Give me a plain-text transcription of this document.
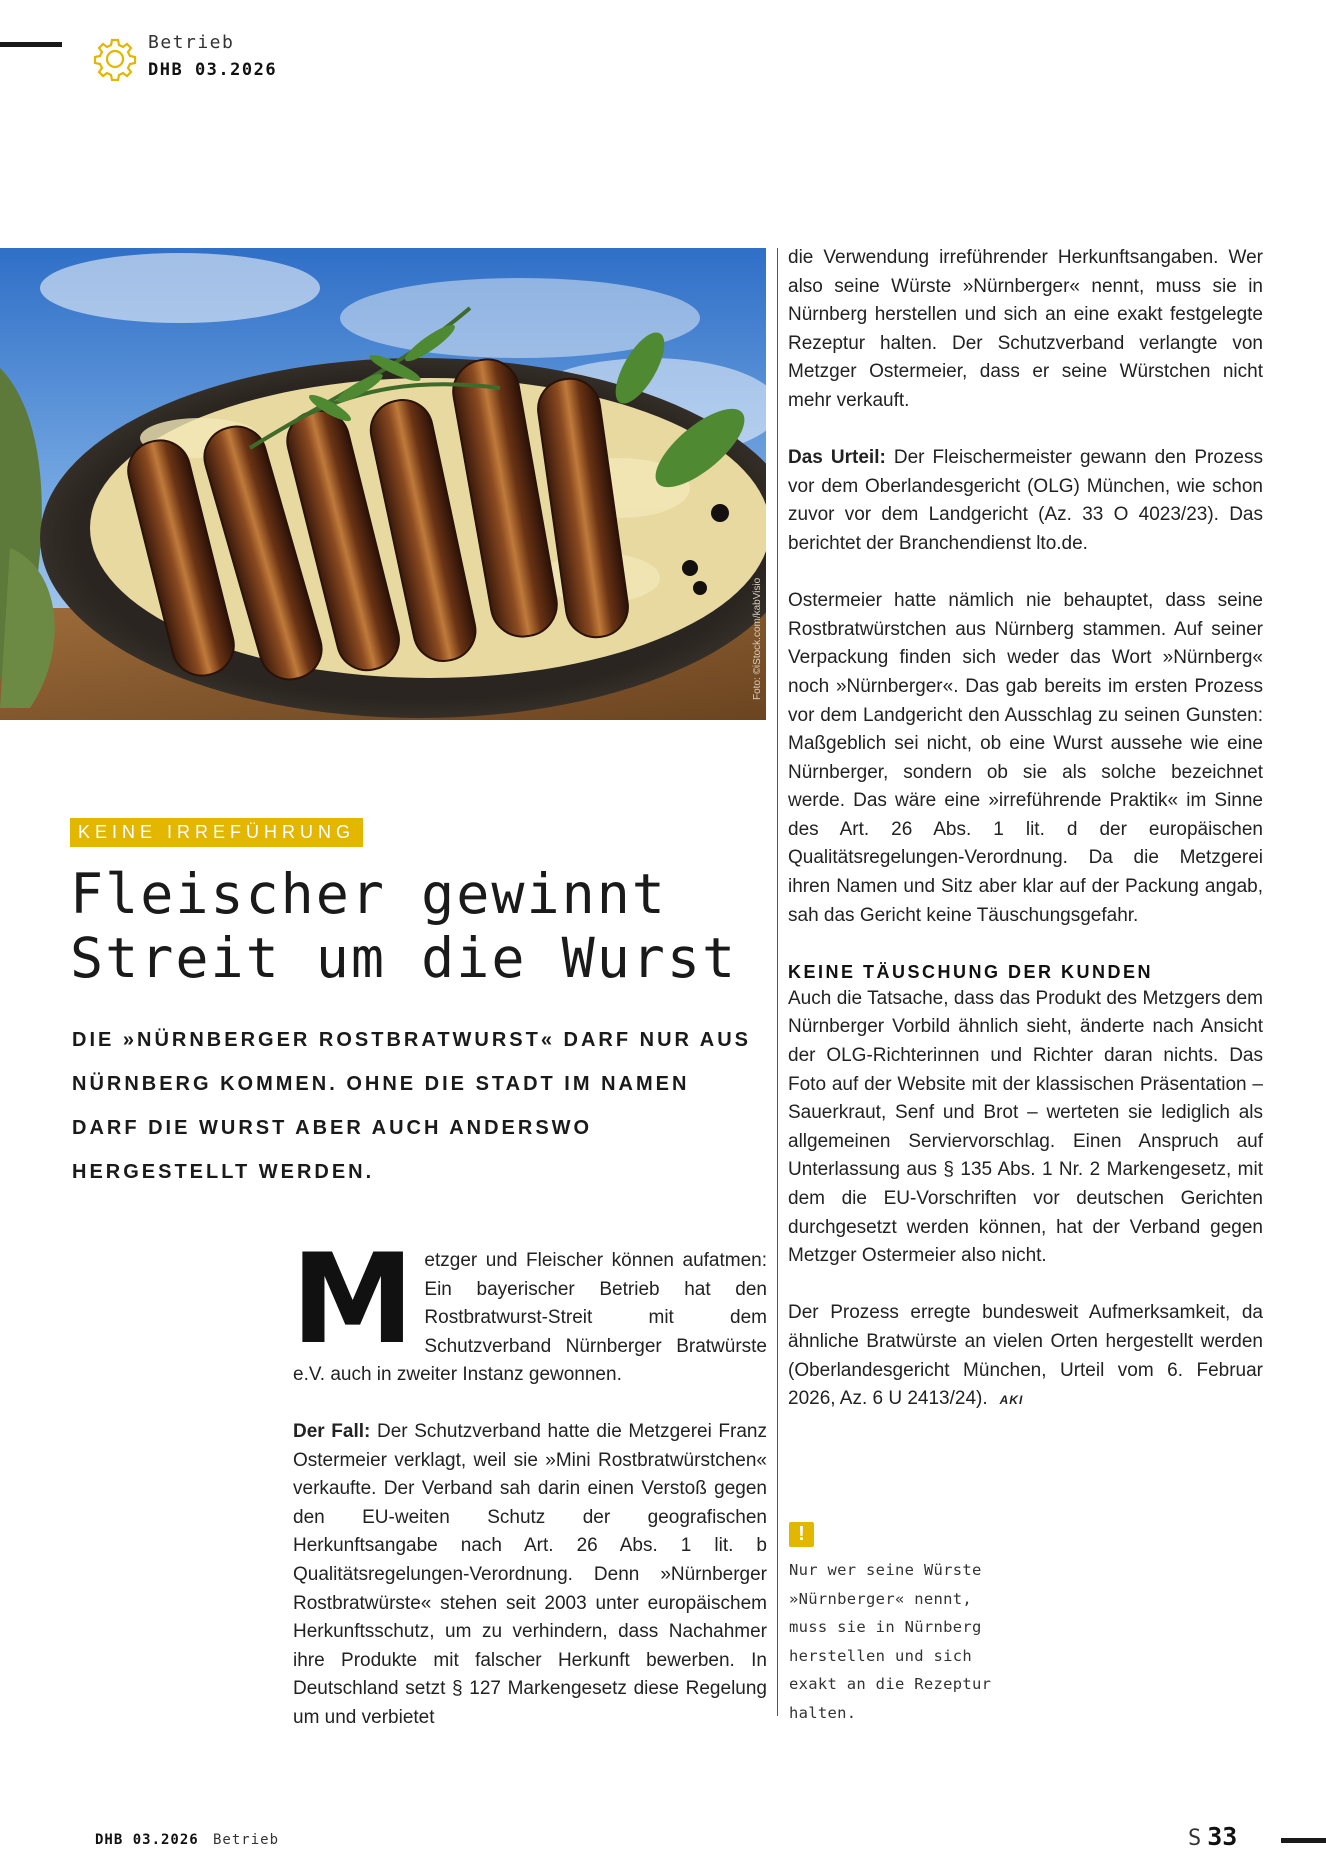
Betrieb
DHB 03.2026
Foto: ©iStock.com/kabVisio
KEINE IRREFÜHRUNG
Fleischer gewinnt
Streit um die Wurst

DIE »NÜRNBERGER ROSTBRATWURST« DARF NUR AUS NÜRNBERG KOMMEN. OHNE DIE STADT IM NAMEN DARF DIE WURST ABER AUCH ANDERSWO HERGESTELLT WERDEN.

Metzger und Fleischer können aufatmen: Ein bayerischer Betrieb hat den Rostbratwurst-Streit mit dem Schutzverband Nürnberger Bratwürste e.V. auch in zweiter Instanz gewonnen.

Der Fall: Der Schutzverband hatte die Metzgerei Franz Ostermeier verklagt, weil sie »Mini Rostbratwürstchen« verkaufte. Der Verband sah darin einen Verstoß gegen den EU-weiten Schutz der geografischen Herkunftsangabe nach Art. 26 Abs. 1 lit. b Qualitätsregelungen-Verordnung. Denn »Nürnberger Rostbratwürste« stehen seit 2003 unter europäischem Herkunftsschutz, um zu verhindern, dass Nachahmer ihre Produkte mit falscher Herkunft bewerben. In Deutschland setzt § 127 Markengesetz diese Regelung um und verbietet

die Verwendung irreführender Herkunftsangaben. Wer also seine Würste »Nürnberger« nennt, muss sie in Nürnberg herstellen und sich an eine exakt festgelegte Rezeptur halten. Der Schutzverband verlangte von Metzger Ostermeier, dass er seine Würstchen nicht mehr verkauft.

Das Urteil: Der Fleischermeister gewann den Prozess vor dem Oberlandesgericht (OLG) München, wie schon zuvor vor dem Landgericht (Az. 33 O 4023/23). Das berichtet der Branchendienst lto.de.

Ostermeier hatte nämlich nie behauptet, dass seine Rostbratwürstchen aus Nürnberg stammen. Auf seiner Verpackung finden sich weder das Wort »Nürnberg« noch »Nürnberger«. Das gab bereits im ersten Prozess vor dem Landgericht den Ausschlag zu seinen Gunsten: Maßgeblich sei nicht, ob eine Wurst aussehe wie eine Nürnberger, sondern ob sie als solche bezeichnet werde. Das wäre eine »irreführende Praktik« im Sinne des Art. 26 Abs. 1 lit. d der europäischen Qualitätsregelungen-Verordnung. Da die Metzgerei ihren Namen und Sitz aber klar auf der Packung angab, sah das Gericht keine Täuschungsgefahr.

KEINE TÄUSCHUNG DER KUNDEN

Auch die Tatsache, dass das Produkt des Metzgers dem Nürnberger Vorbild ähnlich sieht, änderte nach Ansicht der OLG-Richterinnen und Richter daran nichts. Das Foto auf der Website mit der klassischen Präsentation – Sauerkraut, Senf und Brot – werteten sie lediglich als allgemeinen Serviervorschlag. Einen Anspruch auf Unterlassung aus § 135 Abs. 1 Nr. 2 Markengesetz, mit dem die EU-Vorschriften vor deutschen Gerichten durchgesetzt werden können, hat der Verband gegen Metzger Ostermeier also nicht.

Der Prozess erregte bundesweit Aufmerksamkeit, da ähnliche Bratwürste an vielen Orten hergestellt werden (Oberlandesgericht München, Urteil vom 6. Februar 2026, Az. 6 U 2413/24). AKI

!
Nur wer seine Würste
»Nürnberger« nennt,
muss sie in Nürnberg
herstellen und sich
exakt an die Rezeptur
halten.
DHB 03.2026 Betrieb	S 33
